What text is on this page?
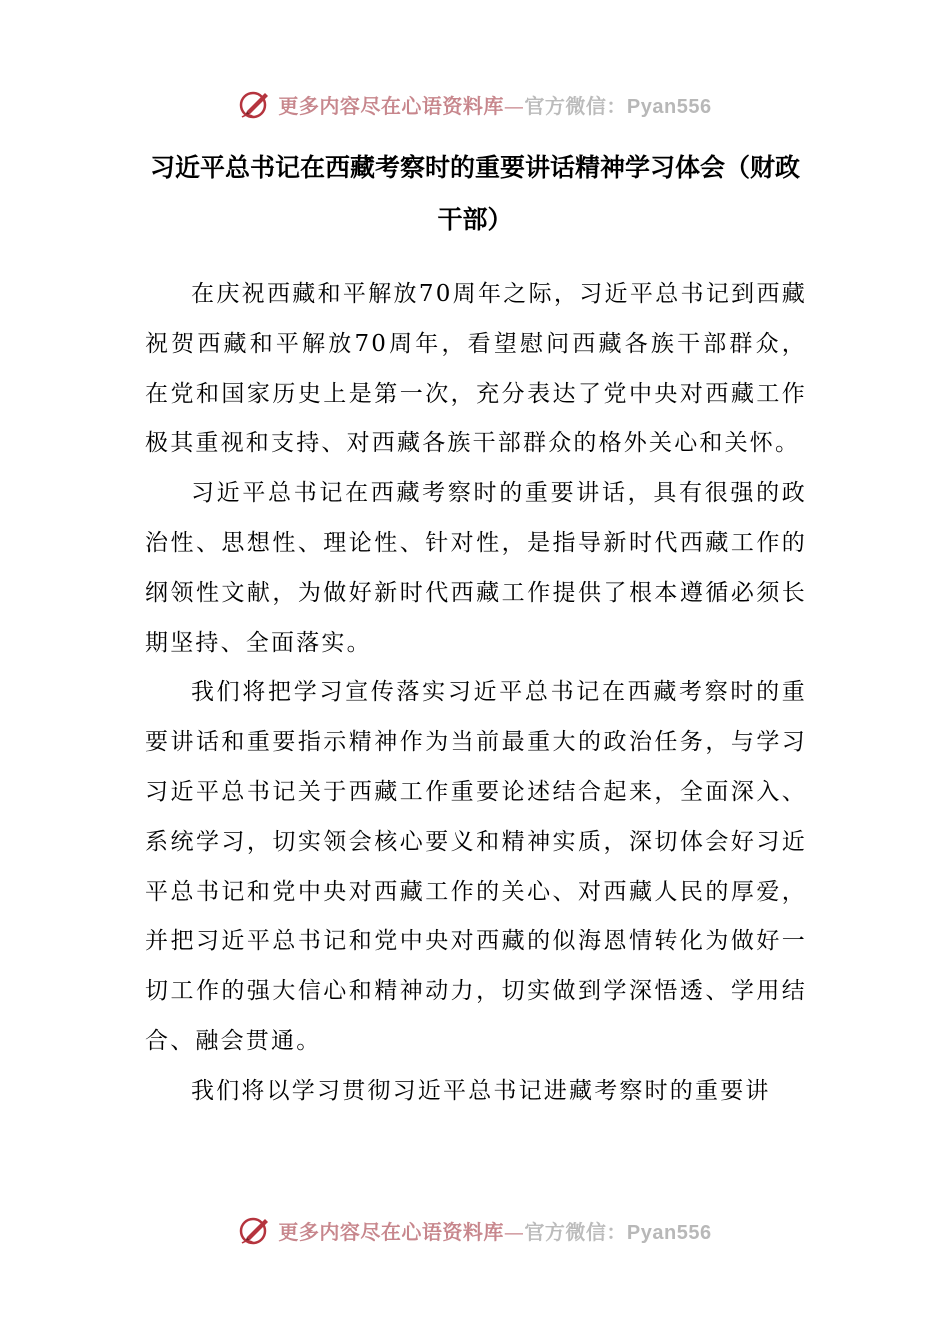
更多内容尽在心语资料库—官方微信：Pyan556
习近平总书记在西藏考察时的重要讲话精神学习体会（财政干部）

在庆祝西藏和平解放70周年之际，习近平总书记到西藏祝贺西藏和平解放70周年，看望慰问西藏各族干部群众，在党和国家历史上是第一次，充分表达了党中央对西藏工作极其重视和支持、对西藏各族干部群众的格外关心和关怀。

习近平总书记在西藏考察时的重要讲话，具有很强的政治性、思想性、理论性、针对性，是指导新时代西藏工作的纲领性文献，为做好新时代西藏工作提供了根本遵循必须长期坚持、全面落实。

我们将把学习宣传落实习近平总书记在西藏考察时的重要讲话和重要指示精神作为当前最重大的政治任务，与学习习近平总书记关于西藏工作重要论述结合起来，全面深入、系统学习，切实领会核心要义和精神实质，深切体会好习近平总书记和党中央对西藏工作的关心、对西藏人民的厚爱，并把习近平总书记和党中央对西藏的似海恩情转化为做好一切工作的强大信心和精神动力，切实做到学深悟透、学用结合、融会贯通。

我们将以学习贯彻习近平总书记进藏考察时的重要讲

更多内容尽在心语资料库—官方微信：Pyan556
